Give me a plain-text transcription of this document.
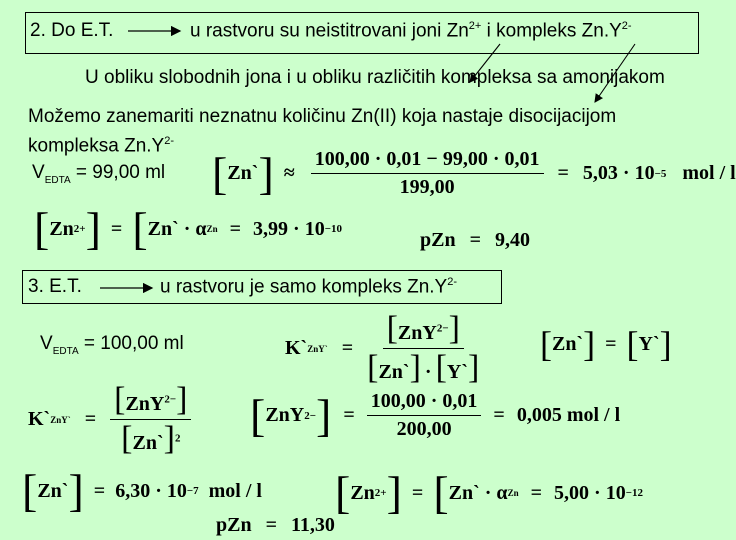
2. Do E.T.	u rastvoru su neistitrovani joni $Zn^{2+}$ i kompleks $Zn.Y^{2-}$
U obliku slobodnih jona i u obliku različitih kompleksa sa amonijakom
Možemo zanemariti neznatnu količinu Zn(II) koja nastaje disocijacijom
kompleksa $Zn.Y^{2-}$
$V_{EDTA} = 99,00$ ml [ Zn` ] ≈ $\frac{100,00 \cdot 0,01 - 99,00 \cdot 0,01}{199,00} = 5,03 \cdot 10 -5$ mol / l
[ Zn 2+ ] = [ Zn` · α Zn = 3,99 · 10 −10	pZn = 9,40
3. E.T.	u rastvoru je samo kompleks $Zn.Y^{2-}$
$V_{EDTA} = 100,00$ ml	K` ZnY` = $\frac{[ZnY^{2-}]}{[Zn`] \cdot [Y`]}$ [ Zn` ] = [ Y` ]
K` ZnY` = $\frac{[ZnY^{2-}]}{[Zn`]^2}$ [ ZnY 2− ] = $\frac{100,00 \cdot 0,01}{200,00} = 0,005$ mol / l
[ Zn` ] = 6,30 · 10 −7 mol / l [ Zn 2+ ] = [ Zn` · α Zn = 5,00 · 10 −12
pZn = 11,30
